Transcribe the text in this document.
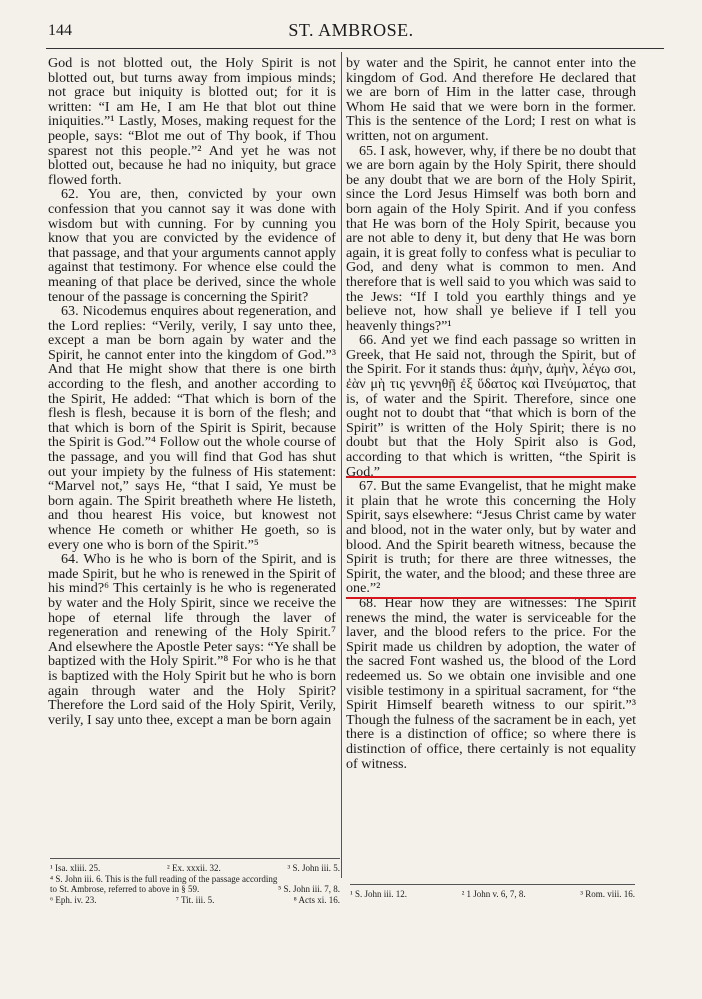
144	ST. AMBROSE.

God is not blotted out, the Holy Spirit is not blotted out, but turns away from impious minds; not grace but iniquity is blotted out; for it is written: “I am He, I am He that blot out thine iniquities.”¹ Lastly, Moses, making request for the people, says: “Blot me out of Thy book, if Thou sparest not this people.”² And yet he was not blotted out, because he had no iniquity, but grace flowed forth.

62. You are, then, convicted by your own confession that you cannot say it was done with wisdom but with cunning. For by cunning you know that you are convicted by the evidence of that passage, and that your arguments cannot apply against that testimony. For whence else could the meaning of that place be derived, since the whole tenour of the passage is concerning the Spirit?

63. Nicodemus enquires about regeneration, and the Lord replies: “Verily, verily, I say unto thee, except a man be born again by water and the Spirit, he cannot enter into the kingdom of God.”³ And that He might show that there is one birth according to the flesh, and another according to the Spirit, He added: “That which is born of the flesh is flesh, because it is born of the flesh; and that which is born of the Spirit is Spirit, because the Spirit is God.”⁴ Follow out the whole course of the passage, and you will find that God has shut out your impiety by the fulness of His statement: “Marvel not,” says He, “that I said, Ye must be born again. The Spirit breatheth where He listeth, and thou hearest His voice, but knowest not whence He cometh or whither He goeth, so is every one who is born of the Spirit.”⁵

64. Who is he who is born of the Spirit, and is made Spirit, but he who is renewed in the Spirit of his mind?⁶ This certainly is he who is regenerated by water and the Holy Spirit, since we receive the hope of eternal life through the laver of regeneration and renewing of the Holy Spirit.⁷ And elsewhere the Apostle Peter says: “Ye shall be baptized with the Holy Spirit.”⁸ For who is he that is baptized with the Holy Spirit but he who is born again through water and the Holy Spirit? Therefore the Lord said of the Holy Spirit, Verily, verily, I say unto thee, except a man be born again

by water and the Spirit, he cannot enter into the kingdom of God. And therefore He declared that we are born of Him in the latter case, through Whom He said that we were born in the former. This is the sentence of the Lord; I rest on what is written, not on argument.

65. I ask, however, why, if there be no doubt that we are born again by the Holy Spirit, there should be any doubt that we are born of the Holy Spirit, since the Lord Jesus Himself was both born and born again of the Holy Spirit. And if you confess that He was born of the Holy Spirit, because you are not able to deny it, but deny that He was born again, it is great folly to confess what is peculiar to God, and deny what is common to men. And therefore that is well said to you which was said to the Jews: “If I told you earthly things and ye believe not, how shall ye believe if I tell you heavenly things?”¹

66. And yet we find each passage so written in Greek, that He said not, through the Spirit, but of the Spirit. For it stands thus: ἀμὴν, ἀμὴν, λέγω σοι, ἐὰν μὴ τις γεννηθῇ ἐξ ὕδατος καὶ Πνεύματος, that is, of water and the Spirit. Therefore, since one ought not to doubt that “that which is born of the Spirit” is written of the Holy Spirit; there is no doubt but that the Holy Spirit also is God, according to that which is written, “the Spirit is God.”

67. But the same Evangelist, that he might make it plain that he wrote this concerning the Holy Spirit, says elsewhere: “Jesus Christ came by water and blood, not in the water only, but by water and blood. And the Spirit beareth witness, because the Spirit is truth; for there are three witnesses, the Spirit, the water, and the blood; and these three are one.”²

68. Hear how they are witnesses: The Spirit renews the mind, the water is serviceable for the laver, and the blood refers to the price. For the Spirit made us children by adoption, the water of the sacred Font washed us, the blood of the Lord redeemed us. So we obtain one invisible and one visible testimony in a spiritual sacrament, for “the Spirit Himself beareth witness to our spirit.”³ Though the fulness of the sacrament be in each, yet there is a distinction of office; so where there is distinction of office, there certainly is not equality of witness.

¹ Isa. xliii. 25.	² Ex. xxxii. 32.	³ S. John iii. 5.
⁴ S. John iii. 6. This is the full reading of the passage according
to St. Ambrose, referred to above in § 59.	⁵ S. John iii. 7, 8.
⁶ Eph. iv. 23.	⁷ Tit. iii. 5.	⁸ Acts xi. 16.
¹ S. John iii. 12.	² 1 John v. 6, 7, 8.	³ Rom. viii. 16.
